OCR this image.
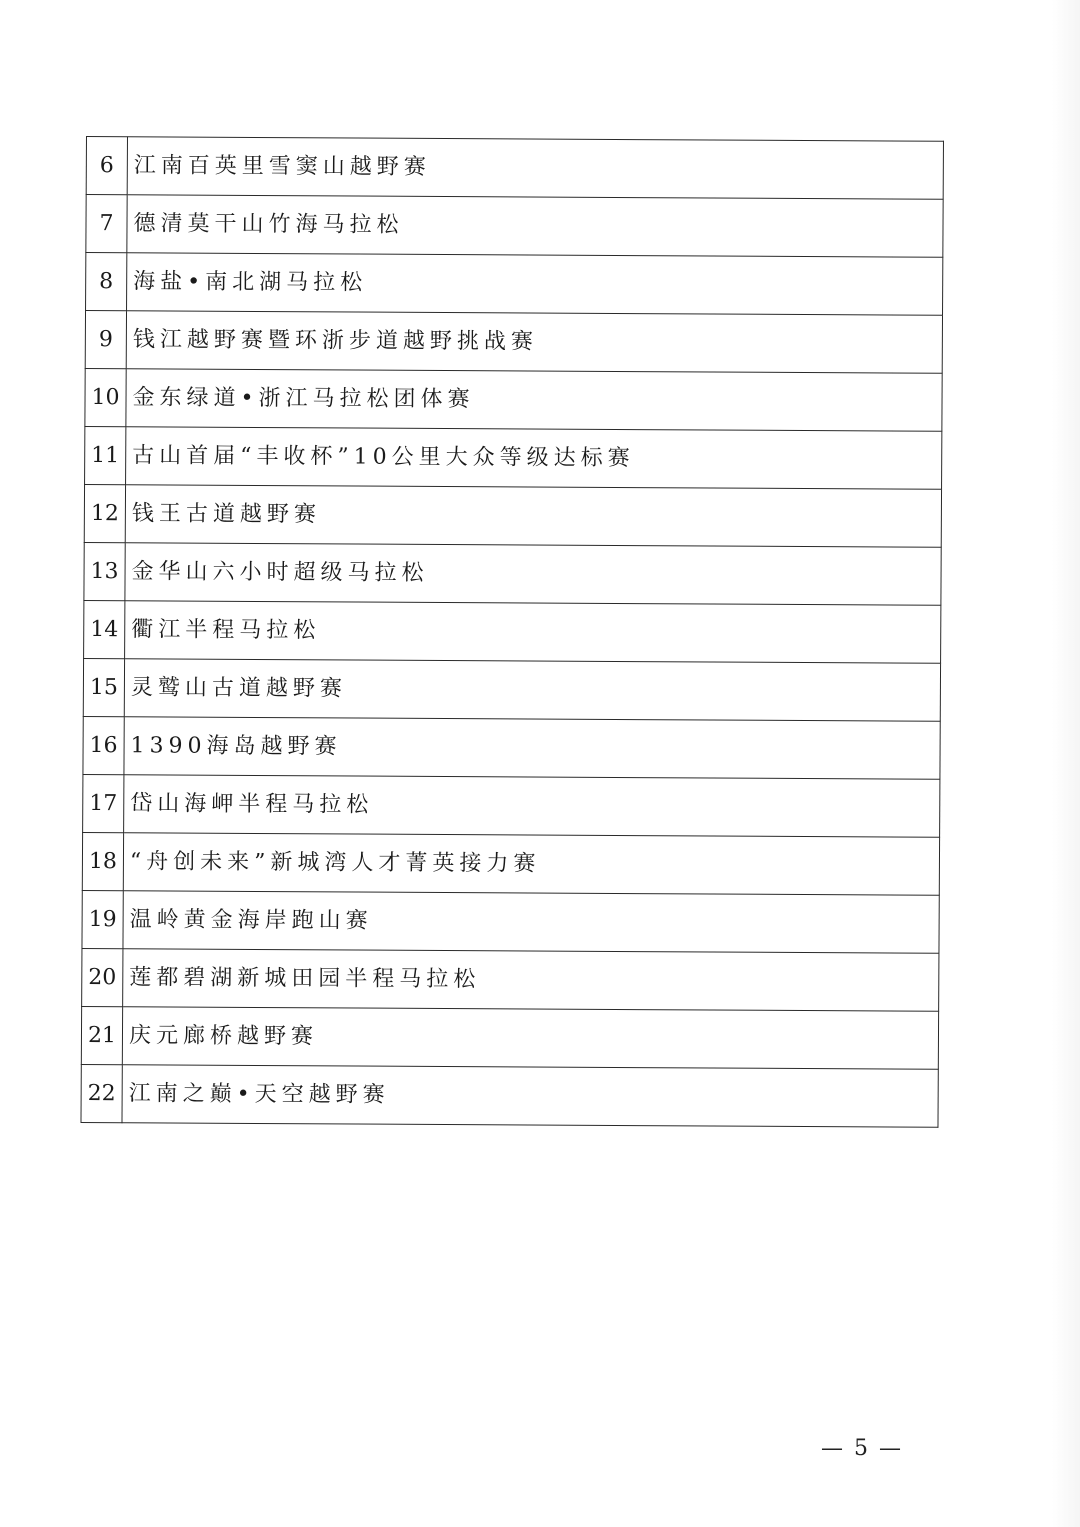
6	江南百英里雪窦山越野赛
7	德清莫干山竹海马拉松
8	海盐•南北湖马拉松
9	钱江越野赛暨环浙步道越野挑战赛
10	金东绿道•浙江马拉松团体赛
11	古山首届“丰收杯”10公里大众等级达标赛
12	钱王古道越野赛
13	金华山六小时超级马拉松
14	衢江半程马拉松
15	灵鹫山古道越野赛
16	1390海岛越野赛
17	岱山海岬半程马拉松
18	“舟创未来”新城湾人才菁英接力赛
19	温岭黄金海岸跑山赛
20	莲都碧湖新城田园半程马拉松
21	庆元廊桥越野赛
22	江南之巅•天空越野赛
— 5 —
